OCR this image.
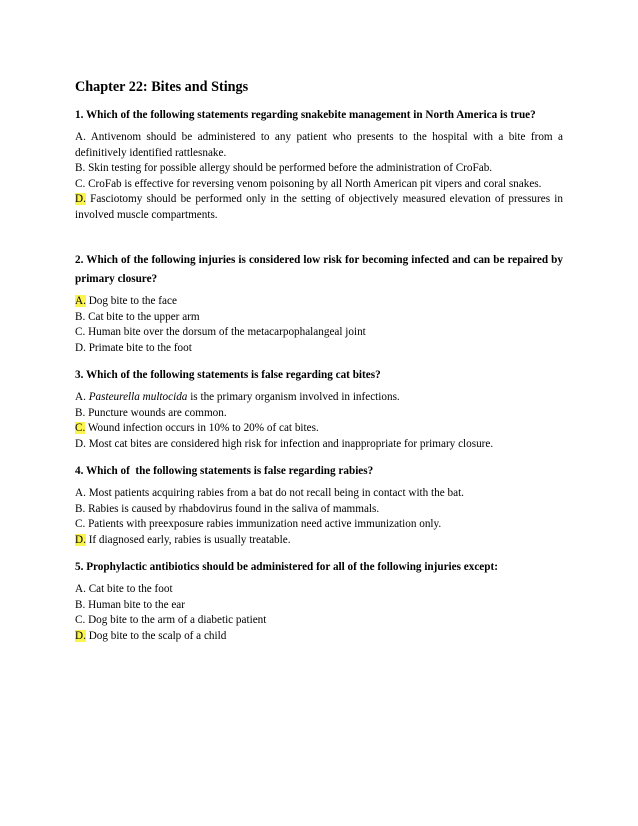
Chapter 22: Bites and Stings
1. Which of the following statements regarding snakebite management in North America is true?

A. Antivenom should be administered to any patient who presents to the hospital with a bite from a definitively identified rattlesnake.

B. Skin testing for possible allergy should be performed before the administration of CroFab.

C. CroFab is effective for reversing venom poisoning by all North American pit vipers and coral snakes.

D. Fasciotomy should be performed only in the setting of objectively measured elevation of pressures in involved muscle compartments.

2. Which of the following injuries is considered low risk for becoming infected and can be repaired by primary closure?

A. Dog bite to the face

B. Cat bite to the upper arm

C. Human bite over the dorsum of the metacarpophalangeal joint

D. Primate bite to the foot

3. Which of the following statements is false regarding cat bites?

A. Pasteurella multocida is the primary organism involved in infections.

B. Puncture wounds are common.

C. Wound infection occurs in 10% to 20% of cat bites.

D. Most cat bites are considered high risk for infection and inappropriate for primary closure.

4. Which of  the following statements is false regarding rabies?

A. Most patients acquiring rabies from a bat do not recall being in contact with the bat.

B. Rabies is caused by rhabdovirus found in the saliva of mammals.

C. Patients with preexposure rabies immunization need active immunization only.

D. If diagnosed early, rabies is usually treatable.

5. Prophylactic antibiotics should be administered for all of the following injuries except:

A. Cat bite to the foot

B. Human bite to the ear

C. Dog bite to the arm of a diabetic patient

D. Dog bite to the scalp of a child
